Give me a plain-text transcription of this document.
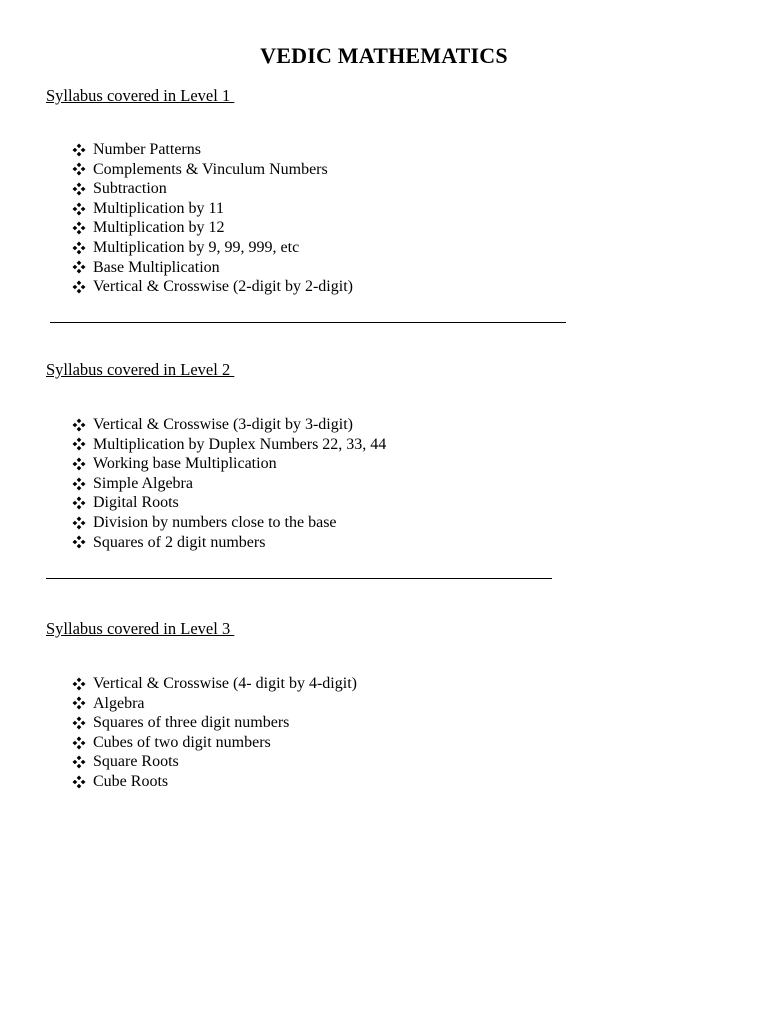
VEDIC MATHEMATICS

Syllabus covered in Level 1

Number Patterns
Complements & Vinculum Numbers
Subtraction
Multiplication by 11
Multiplication by 12
Multiplication by 9, 99, 999, etc
Base Multiplication
Vertical & Crosswise (2-digit by 2-digit)

Syllabus covered in Level 2

Vertical & Crosswise (3-digit by 3-digit)
Multiplication by Duplex Numbers 22, 33, 44
Working base Multiplication
Simple Algebra
Digital Roots
Division by numbers close to the base
Squares of 2 digit numbers

Syllabus covered in Level 3

Vertical & Crosswise (4- digit by 4-digit)
Algebra
Squares of three digit numbers
Cubes of two digit numbers
Square Roots
Cube Roots
